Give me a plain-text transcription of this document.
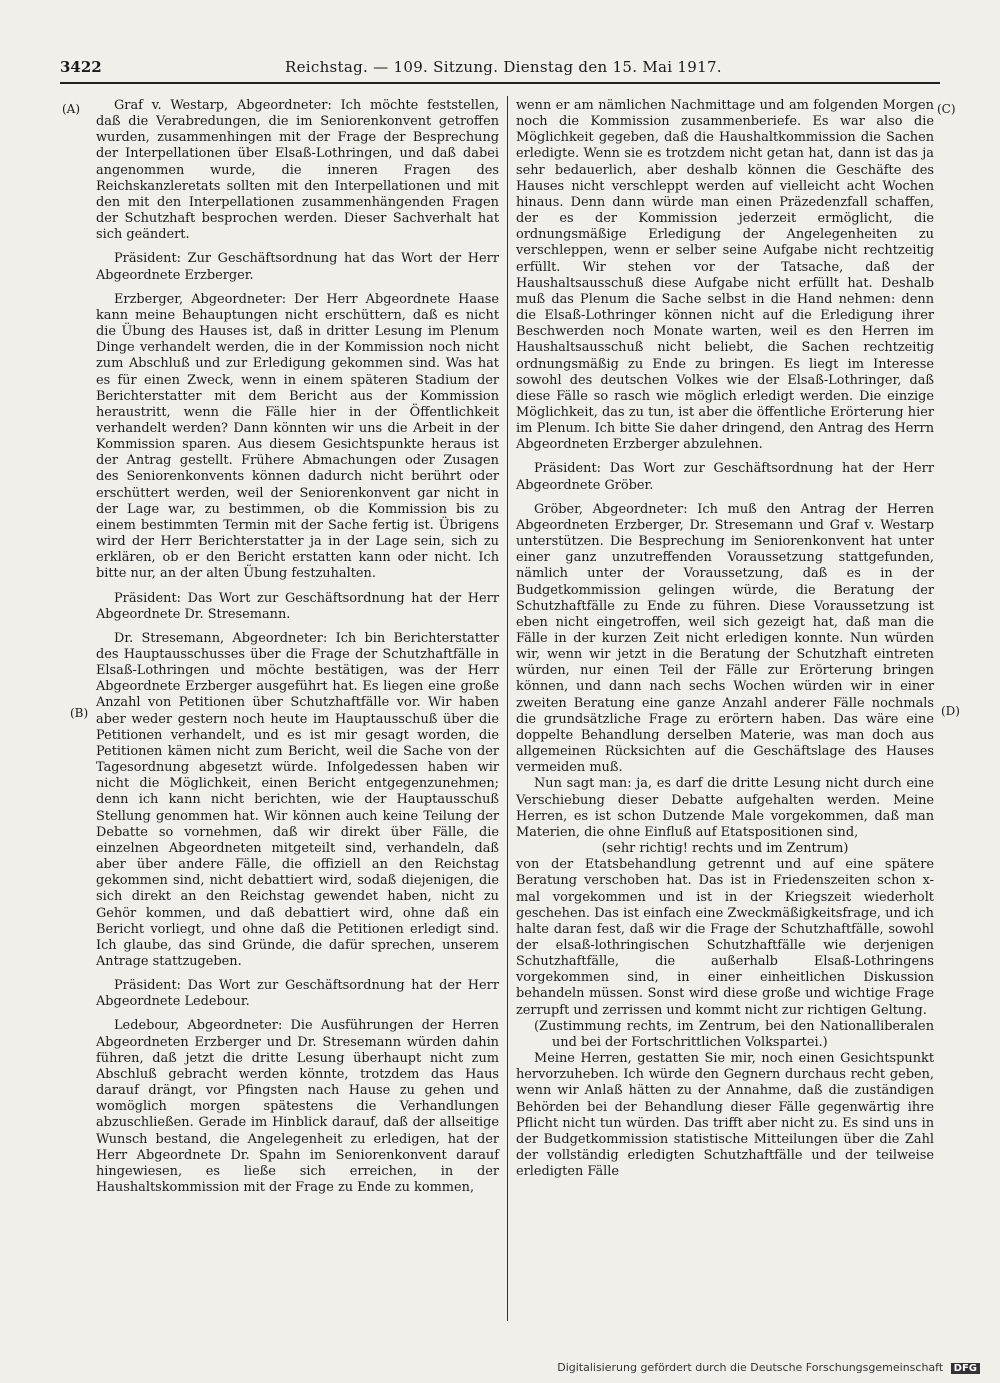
3422	Reichstag. — 109. Sitzung. Dienstag den 15. Mai 1917.
(A)
(B)
(C)
(D)

Graf v. Westarp, Abgeordneter: Ich möchte feststellen, daß die Verabredungen, die im Seniorenkonvent getroffen wurden, zusammenhingen mit der Frage der Besprechung der Interpellationen über Elsaß-Lothringen, und daß dabei angenommen wurde, die inneren Fragen des Reichskanzleretats sollten mit den Interpellationen und mit den mit den Interpellationen zusammenhängenden Fragen der Schutzhaft besprochen werden. Dieser Sachverhalt hat sich geändert.

Präsident: Zur Geschäftsordnung hat das Wort der Herr Abgeordnete Erzberger.

Erzberger, Abgeordneter: Der Herr Abgeordnete Haase kann meine Behauptungen nicht erschüttern, daß es nicht die Übung des Hauses ist, daß in dritter Lesung im Plenum Dinge verhandelt werden, die in der Kommission noch nicht zum Abschluß und zur Erledigung gekommen sind. Was hat es für einen Zweck, wenn in einem späteren Stadium der Berichterstatter mit dem Bericht aus der Kommission heraustritt, wenn die Fälle hier in der Öffentlichkeit verhandelt werden? Dann könnten wir uns die Arbeit in der Kommission sparen. Aus diesem Gesichtspunkte heraus ist der Antrag gestellt. Frühere Abmachungen oder Zusagen des Seniorenkonvents können dadurch nicht berührt oder erschüttert werden, weil der Seniorenkonvent gar nicht in der Lage war, zu bestimmen, ob die Kommission bis zu einem bestimmten Termin mit der Sache fertig ist. Übrigens wird der Herr Berichterstatter ja in der Lage sein, sich zu erklären, ob er den Bericht erstatten kann oder nicht. Ich bitte nur, an der alten Übung festzuhalten.

Präsident: Das Wort zur Geschäftsordnung hat der Herr Abgeordnete Dr. Stresemann.

Dr. Stresemann, Abgeordneter: Ich bin Berichterstatter des Hauptausschusses über die Frage der Schutzhaftfälle in Elsaß-Lothringen und möchte bestätigen, was der Herr Abgeordnete Erzberger ausgeführt hat. Es liegen eine große Anzahl von Petitionen über Schutzhaftfälle vor. Wir haben aber weder gestern noch heute im Hauptausschuß über die Petitionen verhandelt, und es ist mir gesagt worden, die Petitionen kämen nicht zum Bericht, weil die Sache von der Tagesordnung abgesetzt würde. Infolgedessen haben wir nicht die Möglichkeit, einen Bericht entgegenzunehmen; denn ich kann nicht berichten, wie der Hauptausschuß Stellung genommen hat. Wir können auch keine Teilung der Debatte so vornehmen, daß wir direkt über Fälle, die einzelnen Abgeordneten mitgeteilt sind, verhandeln, daß aber über andere Fälle, die offiziell an den Reichstag gekommen sind, nicht debattiert wird, sodaß diejenigen, die sich direkt an den Reichstag gewendet haben, nicht zu Gehör kommen, und daß debattiert wird, ohne daß ein Bericht vorliegt, und ohne daß die Petitionen erledigt sind. Ich glaube, das sind Gründe, die dafür sprechen, unserem Antrage stattzugeben.

Präsident: Das Wort zur Geschäftsordnung hat der Herr Abgeordnete Ledebour.

Ledebour, Abgeordneter: Die Ausführungen der Herren Abgeordneten Erzberger und Dr. Stresemann würden dahin führen, daß jetzt die dritte Lesung überhaupt nicht zum Abschluß gebracht werden könnte, trotzdem das Haus darauf drängt, vor Pfingsten nach Hause zu gehen und womöglich morgen spätestens die Verhandlungen abzuschließen. Gerade im Hinblick darauf, daß der allseitige Wunsch bestand, die Angelegenheit zu erledigen, hat der Herr Abgeordnete Dr. Spahn im Seniorenkonvent darauf hingewiesen, es ließe sich erreichen, in der Haushaltskommission mit der Frage zu Ende zu kommen,

wenn er am nämlichen Nachmittage und am folgenden Morgen noch die Kommission zusammenberiefe. Es war also die Möglichkeit gegeben, daß die Haushaltkommission die Sachen erledigte. Wenn sie es trotzdem nicht getan hat, dann ist das ja sehr bedauerlich, aber deshalb können die Geschäfte des Hauses nicht verschleppt werden auf vielleicht acht Wochen hinaus. Denn dann würde man einen Präzedenzfall schaffen, der es der Kommission jederzeit ermöglicht, die ordnungsmäßige Erledigung der Angelegenheiten zu verschleppen, wenn er selber seine Aufgabe nicht rechtzeitig erfüllt. Wir stehen vor der Tatsache, daß der Haushaltsausschuß diese Aufgabe nicht erfüllt hat. Deshalb muß das Plenum die Sache selbst in die Hand nehmen: denn die Elsaß-Lothringer können nicht auf die Erledigung ihrer Beschwerden noch Monate warten, weil es den Herren im Haushaltsausschuß nicht beliebt, die Sachen rechtzeitig ordnungsmäßig zu Ende zu bringen. Es liegt im Interesse sowohl des deutschen Volkes wie der Elsaß-Lothringer, daß diese Fälle so rasch wie möglich erledigt werden. Die einzige Möglichkeit, das zu tun, ist aber die öffentliche Erörterung hier im Plenum. Ich bitte Sie daher dringend, den Antrag des Herrn Abgeordneten Erzberger abzulehnen.

Präsident: Das Wort zur Geschäftsordnung hat der Herr Abgeordnete Gröber.

Gröber, Abgeordneter: Ich muß den Antrag der Herren Abgeordneten Erzberger, Dr. Stresemann und Graf v. Westarp unterstützen. Die Besprechung im Seniorenkonvent hat unter einer ganz unzutreffenden Voraussetzung stattgefunden, nämlich unter der Voraussetzung, daß es in der Budgetkommission gelingen würde, die Beratung der Schutzhaftfälle zu Ende zu führen. Diese Voraussetzung ist eben nicht eingetroffen, weil sich gezeigt hat, daß man die Fälle in der kurzen Zeit nicht erledigen konnte. Nun würden wir, wenn wir jetzt in die Beratung der Schutzhaft eintreten würden, nur einen Teil der Fälle zur Erörterung bringen können, und dann nach sechs Wochen würden wir in einer zweiten Beratung eine ganze Anzahl anderer Fälle nochmals die grundsätzliche Frage zu erörtern haben. Das wäre eine doppelte Behandlung derselben Materie, was man doch aus allgemeinen Rücksichten auf die Geschäftslage des Hauses vermeiden muß.

Nun sagt man: ja, es darf die dritte Lesung nicht durch eine Verschiebung dieser Debatte aufgehalten werden. Meine Herren, es ist schon Dutzende Male vorgekommen, daß man Materien, die ohne Einfluß auf Etatspositionen sind,

(sehr richtig! rechts und im Zentrum)

von der Etatsbehandlung getrennt und auf eine spätere Beratung verschoben hat. Das ist in Friedenszeiten schon x-mal vorgekommen und ist in der Kriegszeit wiederholt geschehen. Das ist einfach eine Zweckmäßigkeitsfrage, und ich halte daran fest, daß wir die Frage der Schutzhaftfälle, sowohl der elsaß-lothringischen Schutzhaftfälle wie derjenigen Schutzhaftfälle, die außerhalb Elsaß-Lothringens vorgekommen sind, in einer einheitlichen Diskussion behandeln müssen. Sonst wird diese große und wichtige Frage zerrupft und zerrissen und kommt nicht zur richtigen Geltung.

(Zustimmung rechts, im Zentrum, bei den Nationalliberalen und bei der Fortschrittlichen Volkspartei.)

Meine Herren, gestatten Sie mir, noch einen Gesichtspunkt hervorzuheben. Ich würde den Gegnern durchaus recht geben, wenn wir Anlaß hätten zu der Annahme, daß die zuständigen Behörden bei der Behandlung dieser Fälle gegenwärtig ihre Pflicht nicht tun würden. Das trifft aber nicht zu. Es sind uns in der Budgetkommission statistische Mitteilungen über die Zahl der vollständig erledigten Schutzhaftfälle und der teilweise erledigten Fälle

Digitalisierung gefördert durch die Deutsche Forschungsgemeinschaft DFG
